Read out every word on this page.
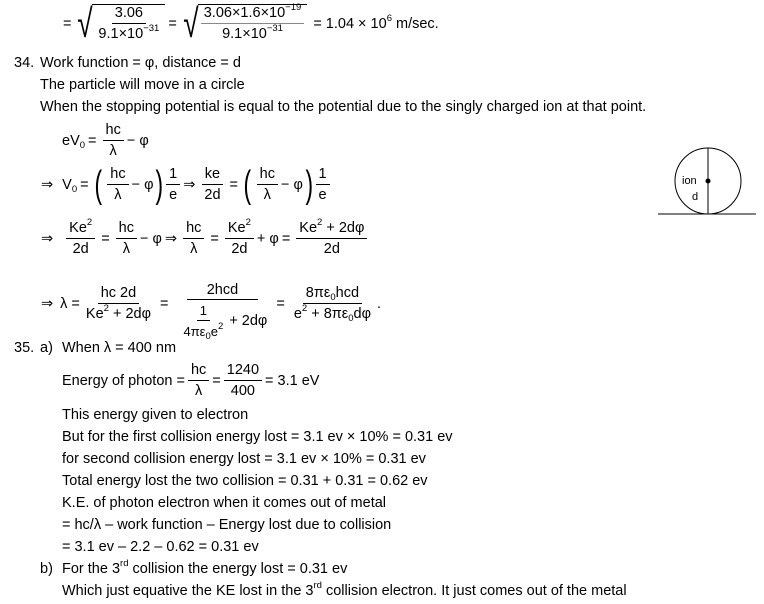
= √ $\frac{3.06}{9.1\times 10^{-31}}$ = √ $\frac{3.06\times 1.6\times 10^{-19}}{9.1\times 10^{-31}} = 1.04 \times 10^6$ m/sec.
34. Work function = φ, distance = d
The particle will move in a circle
When the stopping potential is equal to the potential due to the singly charged ion at that point.
$eV_0 = \frac{hc}{\lambda} - \varphi$
⇒ $V_0$ = ( $\frac{hc}{\lambda} - \varphi$ ) $\frac{1}{e}$ ⇒ $\frac{ke}{2d}$ = ( $\frac{hc}{\lambda} - \varphi$ ) $\frac{1}{e}$
⇒ $\frac{Ke^2}{2d} = \frac{hc}{\lambda} - \varphi$ ⇒ $\frac{hc}{\lambda} = \frac{Ke^2}{2d} + \varphi = \frac{Ke^2 + 2d\varphi}{2d}$
⇒ $\lambda = \frac{hc 2d}{Ke^2 + 2d\varphi} = \frac{\text{2hcd}}{\frac{1}{4\pi\varepsilon_0e^2} + 2d\varphi} = \frac{8\pi\varepsilon_0hcd}{e^2 + 8\pi\varepsilon_0d\varphi}$ .
ion
d
35. a) When λ = 400 nm
Energy of photon = $\frac{hc}{\lambda} = \frac{1240}{400} = 3.1$ eV
This energy given to electron
But for the first collision energy lost = 3.1 ev × 10% = 0.31 ev
for second collision energy lost = 3.1 ev × 10% = 0.31 ev
Total energy lost the two collision = 0.31 + 0.31 = 0.62 ev
K.E. of photon electron when it comes out of metal
= hc/λ – work function – Energy lost due to collision
= 3.1 ev – 2.2 – 0.62 = 0.31 ev
b) For the 3rd collision the energy lost = 0.31 ev
Which just equative the KE lost in the 3rd collision electron. It just comes out of the metal
